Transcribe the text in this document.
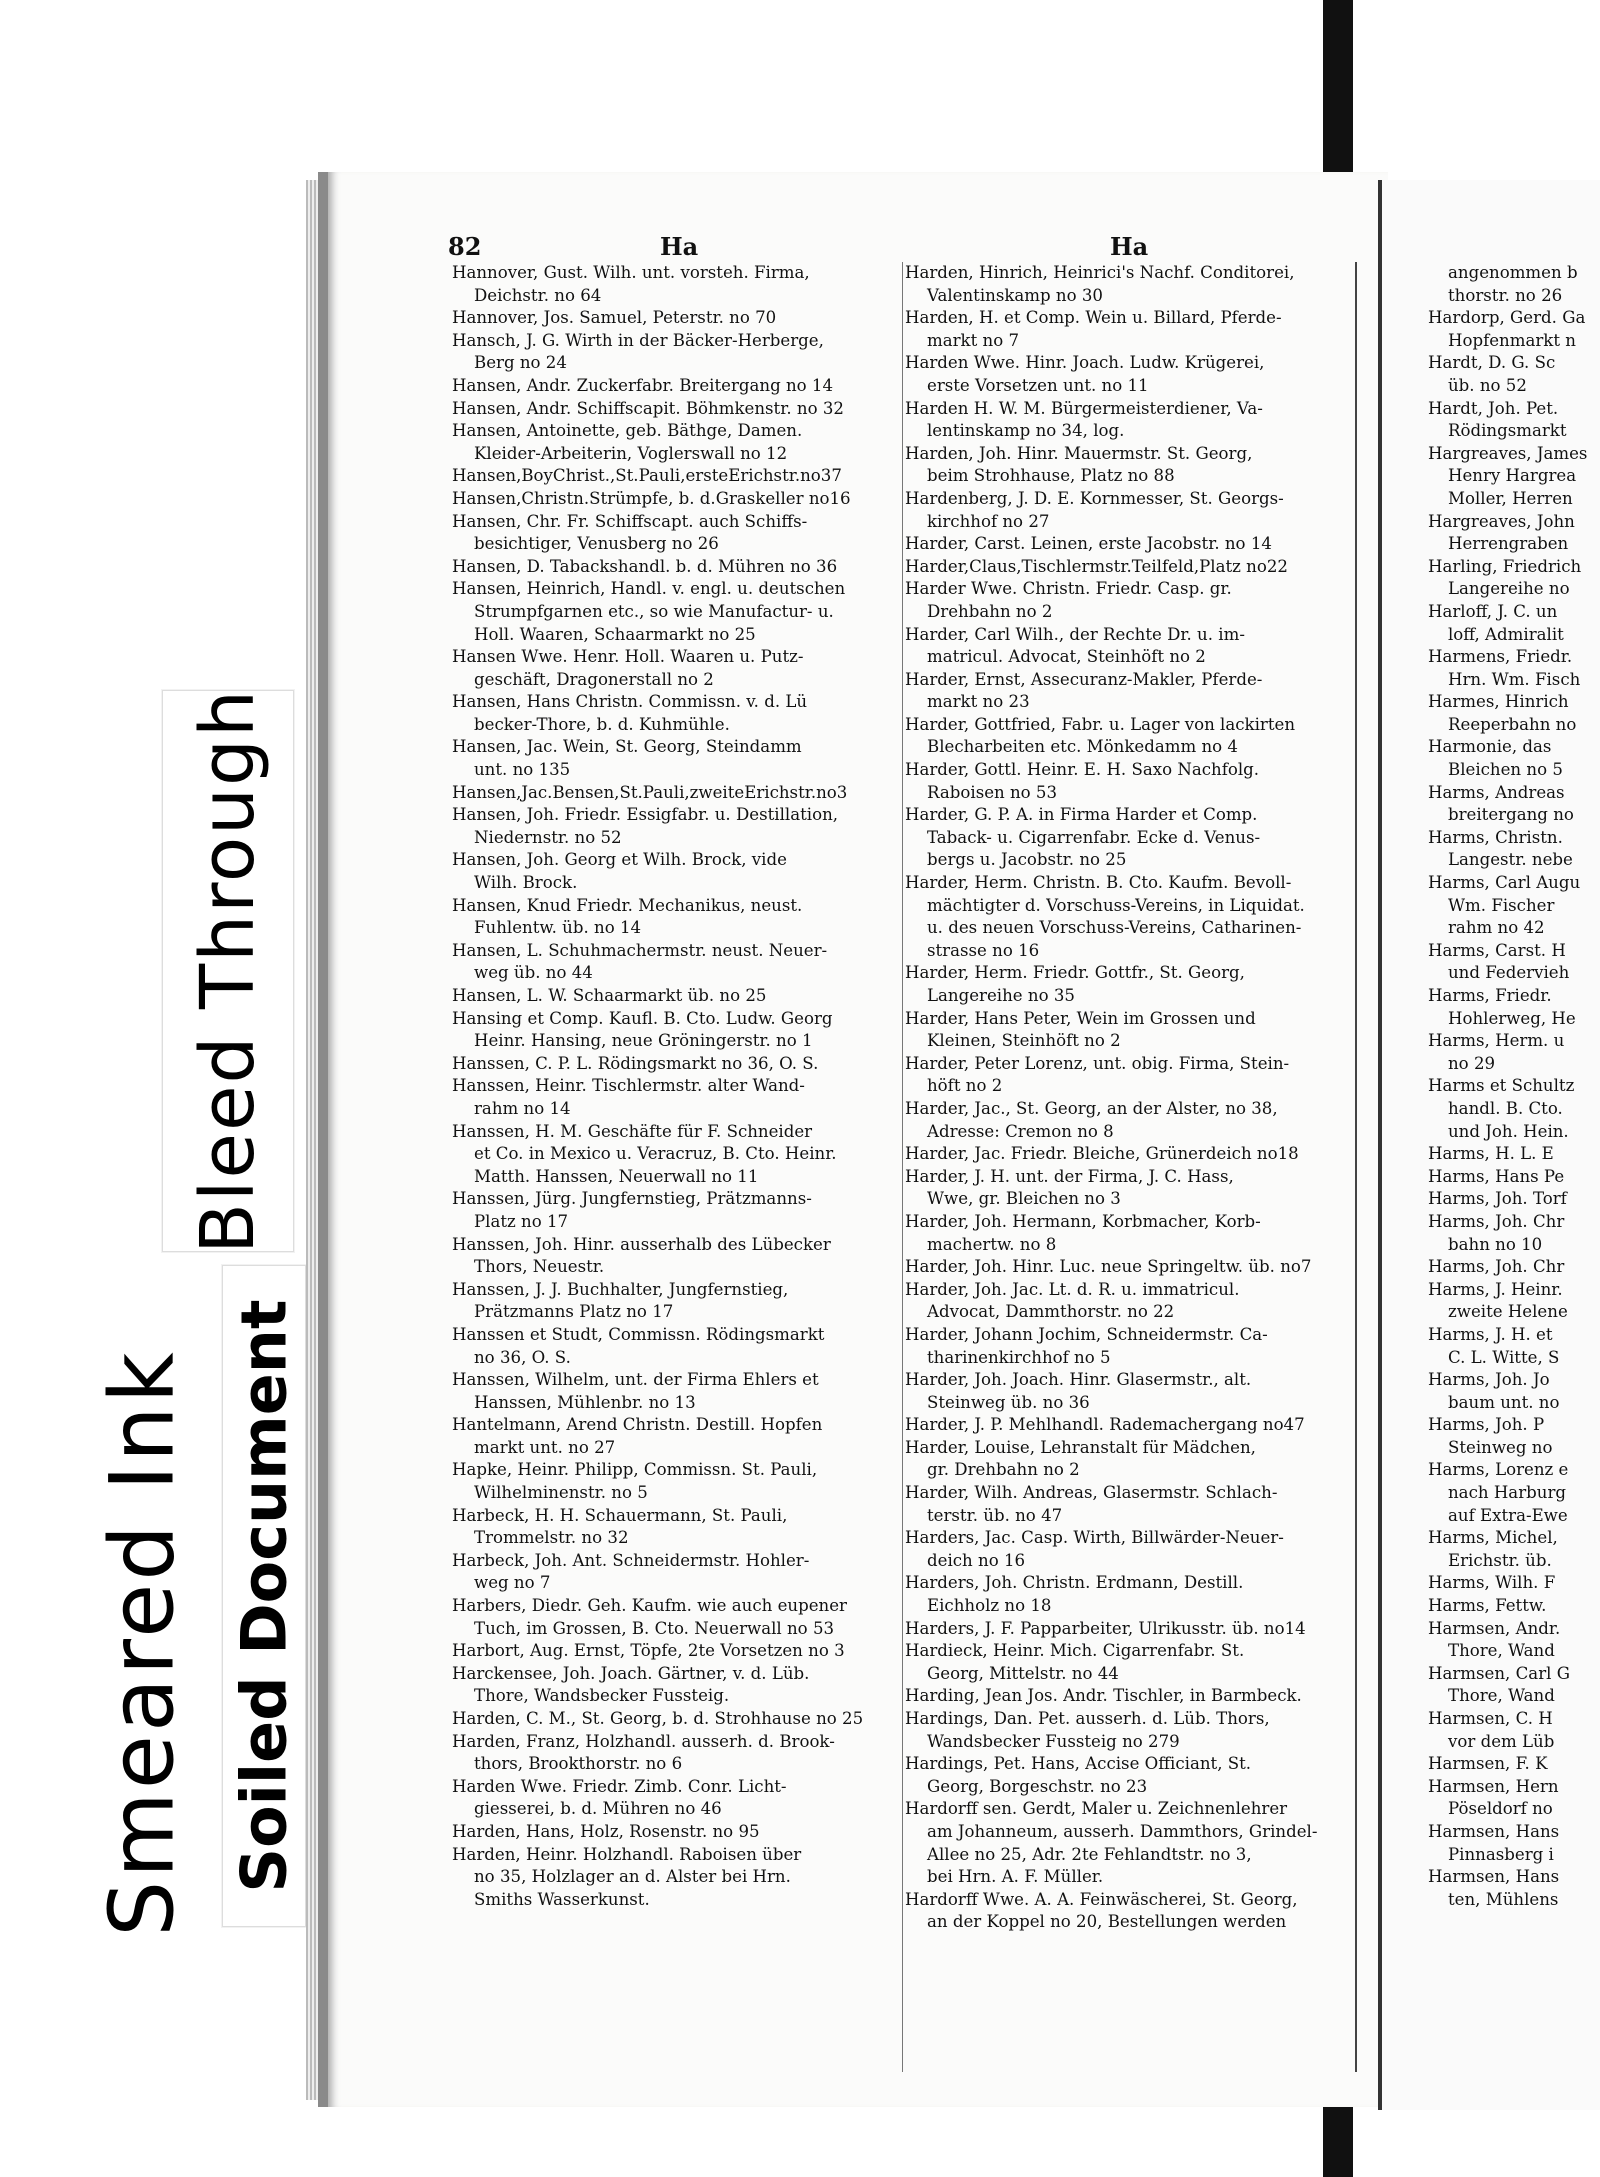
Bleed Through
Smeared Ink Soiled Document
82	Ha	Ha

Hannover, Gust. Wilh. unt. vorsteh. Firma,
Deichstr. no 64

Hannover, Jos. Samuel, Peterstr. no 70

Hansch, J. G. Wirth in der Bäcker-Herberge,
Berg no 24

Hansen, Andr. Zuckerfabr. Breitergang no 14

Hansen, Andr. Schiffscapit. Böhmkenstr. no 32

Hansen, Antoinette, geb. Bäthge, Damen.
Kleider-Arbeiterin, Voglerswall no 12

Hansen,BoyChrist.,St.Pauli,ersteErichstr.no37

Hansen,Christn.Strümpfe, b. d.Graskeller no16

Hansen, Chr. Fr. Schiffscapt. auch Schiffs-
besichtiger, Venusberg no 26

Hansen, D. Tabackshandl. b. d. Mühren no 36

Hansen, Heinrich, Handl. v. engl. u. deutschen
Strumpfgarnen etc., so wie Manufactur- u.
Holl. Waaren, Schaarmarkt no 25

Hansen Wwe. Henr. Holl. Waaren u. Putz-
geschäft, Dragonerstall no 2

Hansen, Hans Christn. Commissn. v. d. Lü
becker-Thore, b. d. Kuhmühle.

Hansen, Jac. Wein, St. Georg, Steindamm
unt. no 135

Hansen,Jac.Bensen,St.Pauli,zweiteErichstr.no3

Hansen, Joh. Friedr. Essigfabr. u. Destillation,
Niedernstr. no 52

Hansen, Joh. Georg et Wilh. Brock, vide
Wilh. Brock.

Hansen, Knud Friedr. Mechanikus, neust.
Fuhlentw. üb. no 14

Hansen, L. Schuhmachermstr. neust. Neuer-
weg üb. no 44

Hansen, L. W. Schaarmarkt üb. no 25

Hansing et Comp. Kaufl. B. Cto. Ludw. Georg
Heinr. Hansing, neue Gröningerstr. no 1

Hanssen, C. P. L. Rödingsmarkt no 36, O. S.

Hanssen, Heinr. Tischlermstr. alter Wand-
rahm no 14

Hanssen, H. M. Geschäfte für F. Schneider
et Co. in Mexico u. Veracruz, B. Cto. Heinr.
Matth. Hanssen, Neuerwall no 11

Hanssen, Jürg. Jungfernstieg, Prätzmanns-
Platz no 17

Hanssen, Joh. Hinr. ausserhalb des Lübecker
Thors, Neuestr.

Hanssen, J. J. Buchhalter, Jungfernstieg,
Prätzmanns Platz no 17

Hanssen et Studt, Commissn. Rödingsmarkt
no 36, O. S.

Hanssen, Wilhelm, unt. der Firma Ehlers et
Hanssen, Mühlenbr. no 13

Hantelmann, Arend Christn. Destill. Hopfen
markt unt. no 27

Hapke, Heinr. Philipp, Commissn. St. Pauli,
Wilhelminenstr. no 5

Harbeck, H. H. Schauermann, St. Pauli,
Trommelstr. no 32

Harbeck, Joh. Ant. Schneidermstr. Hohler-
weg no 7

Harbers, Diedr. Geh. Kaufm. wie auch eupener
Tuch, im Grossen, B. Cto. Neuerwall no 53

Harbort, Aug. Ernst, Töpfe, 2te Vorsetzen no 3

Harckensee, Joh. Joach. Gärtner, v. d. Lüb.
Thore, Wandsbecker Fussteig.

Harden, C. M., St. Georg, b. d. Strohhause no 25

Harden, Franz, Holzhandl. ausserh. d. Brook-
thors, Brookthorstr. no 6

Harden Wwe. Friedr. Zimb. Conr. Licht-
giesserei, b. d. Mühren no 46

Harden, Hans, Holz, Rosenstr. no 95

Harden, Heinr. Holzhandl. Raboisen über
no 35, Holzlager an d. Alster bei Hrn.
Smiths Wasserkunst.

Harden, Hinrich, Heinrici's Nachf. Conditorei,
Valentinskamp no 30

Harden, H. et Comp. Wein u. Billard, Pferde-
markt no 7

Harden Wwe. Hinr. Joach. Ludw. Krügerei,
erste Vorsetzen unt. no 11

Harden H. W. M. Bürgermeisterdiener, Va-
lentinskamp no 34, log.

Harden, Joh. Hinr. Mauermstr. St. Georg,
beim Strohhause, Platz no 88

Hardenberg, J. D. E. Kornmesser, St. Georgs-
kirchhof no 27

Harder, Carst. Leinen, erste Jacobstr. no 14

Harder,Claus,Tischlermstr.Teilfeld,Platz no22

Harder Wwe. Christn. Friedr. Casp. gr.
Drehbahn no 2

Harder, Carl Wilh., der Rechte Dr. u. im-
matricul. Advocat, Steinhöft no 2

Harder, Ernst, Assecuranz-Makler, Pferde-
markt no 23

Harder, Gottfried, Fabr. u. Lager von lackirten
Blecharbeiten etc. Mönkedamm no 4

Harder, Gottl. Heinr. E. H. Saxo Nachfolg.
Raboisen no 53

Harder, G. P. A. in Firma Harder et Comp.
Taback- u. Cigarrenfabr. Ecke d. Venus-
bergs u. Jacobstr. no 25

Harder, Herm. Christn. B. Cto. Kaufm. Bevoll-
mächtigter d. Vorschuss-Vereins, in Liquidat.
u. des neuen Vorschuss-Vereins, Catharinen-
strasse no 16

Harder, Herm. Friedr. Gottfr., St. Georg,
Langereihe no 35

Harder, Hans Peter, Wein im Grossen und
Kleinen, Steinhöft no 2

Harder, Peter Lorenz, unt. obig. Firma, Stein-
höft no 2

Harder, Jac., St. Georg, an der Alster, no 38,
Adresse: Cremon no 8

Harder, Jac. Friedr. Bleiche, Grünerdeich no18

Harder, J. H. unt. der Firma, J. C. Hass,
Wwe, gr. Bleichen no 3

Harder, Joh. Hermann, Korbmacher, Korb-
machertw. no 8

Harder, Joh. Hinr. Luc. neue Springeltw. üb. no7

Harder, Joh. Jac. Lt. d. R. u. immatricul.
Advocat, Dammthorstr. no 22

Harder, Johann Jochim, Schneidermstr. Ca-
tharinenkirchhof no 5

Harder, Joh. Joach. Hinr. Glasermstr., alt.
Steinweg üb. no 36

Harder, J. P. Mehlhandl. Rademachergang no47

Harder, Louise, Lehranstalt für Mädchen,
gr. Drehbahn no 2

Harder, Wilh. Andreas, Glasermstr. Schlach-
terstr. üb. no 47

Harders, Jac. Casp. Wirth, Billwärder-Neuer-
deich no 16

Harders, Joh. Christn. Erdmann, Destill.
Eichholz no 18

Harders, J. F. Papparbeiter, Ulrikusstr. üb. no14

Hardieck, Heinr. Mich. Cigarrenfabr. St.
Georg, Mittelstr. no 44

Harding, Jean Jos. Andr. Tischler, in Barmbeck.

Hardings, Dan. Pet. ausserh. d. Lüb. Thors,
Wandsbecker Fussteig no 279

Hardings, Pet. Hans, Accise Officiant, St.
Georg, Borgeschstr. no 23

Hardorff sen. Gerdt, Maler u. Zeichnenlehrer
am Johanneum, ausserh. Dammthors, Grindel-
Allee no 25, Adr. 2te Fehlandtstr. no 3,
bei Hrn. A. F. Müller.

Hardorff Wwe. A. A. Feinwäscherei, St. Georg,
an der Koppel no 20, Bestellungen werden

angenommen b
thorstr. no 26
Hardorp, Gerd. Ga
Hopfenmarkt n
Hardt, D. G. Sc
üb. no 52
Hardt, Joh. Pet.
Rödingsmarkt
Hargreaves, James
Henry Hargrea
Moller, Herren
Hargreaves, John
Herrengraben
Harling, Friedrich
Langereihe no
Harloff, J. C. un
loff, Admiralit
Harmens, Friedr.
Hrn. Wm. Fisch
Harmes, Hinrich
Reeperbahn no
Harmonie, das
Bleichen no 5
Harms, Andreas
breitergang no
Harms, Christn.
Langestr. nebe
Harms, Carl Augu
Wm. Fischer
rahm no 42
Harms, Carst. H
und Federvieh
Harms, Friedr.
Hohlerweg, He
Harms, Herm. u
no 29
Harms et Schultz
handl. B. Cto.
und Joh. Hein.
Harms, H. L. E
Harms, Hans Pe
Harms, Joh. Torf
Harms, Joh. Chr
bahn no 10
Harms, Joh. Chr
Harms, J. Heinr.
zweite Helene
Harms, J. H. et
C. L. Witte, S
Harms, Joh. Jo
baum unt. no
Harms, Joh. P
Steinweg no
Harms, Lorenz e
nach Harburg
auf Extra-Ewe
Harms, Michel,
Erichstr. üb.
Harms, Wilh. F
Harms, Fettw.
Harmsen, Andr.
Thore, Wand
Harmsen, Carl G
Thore, Wand
Harmsen, C. H
vor dem Lüb
Harmsen, F. K
Harmsen, Hern
Pöseldorf no
Harmsen, Hans
Pinnasberg i
Harmsen, Hans
ten, Mühlens
